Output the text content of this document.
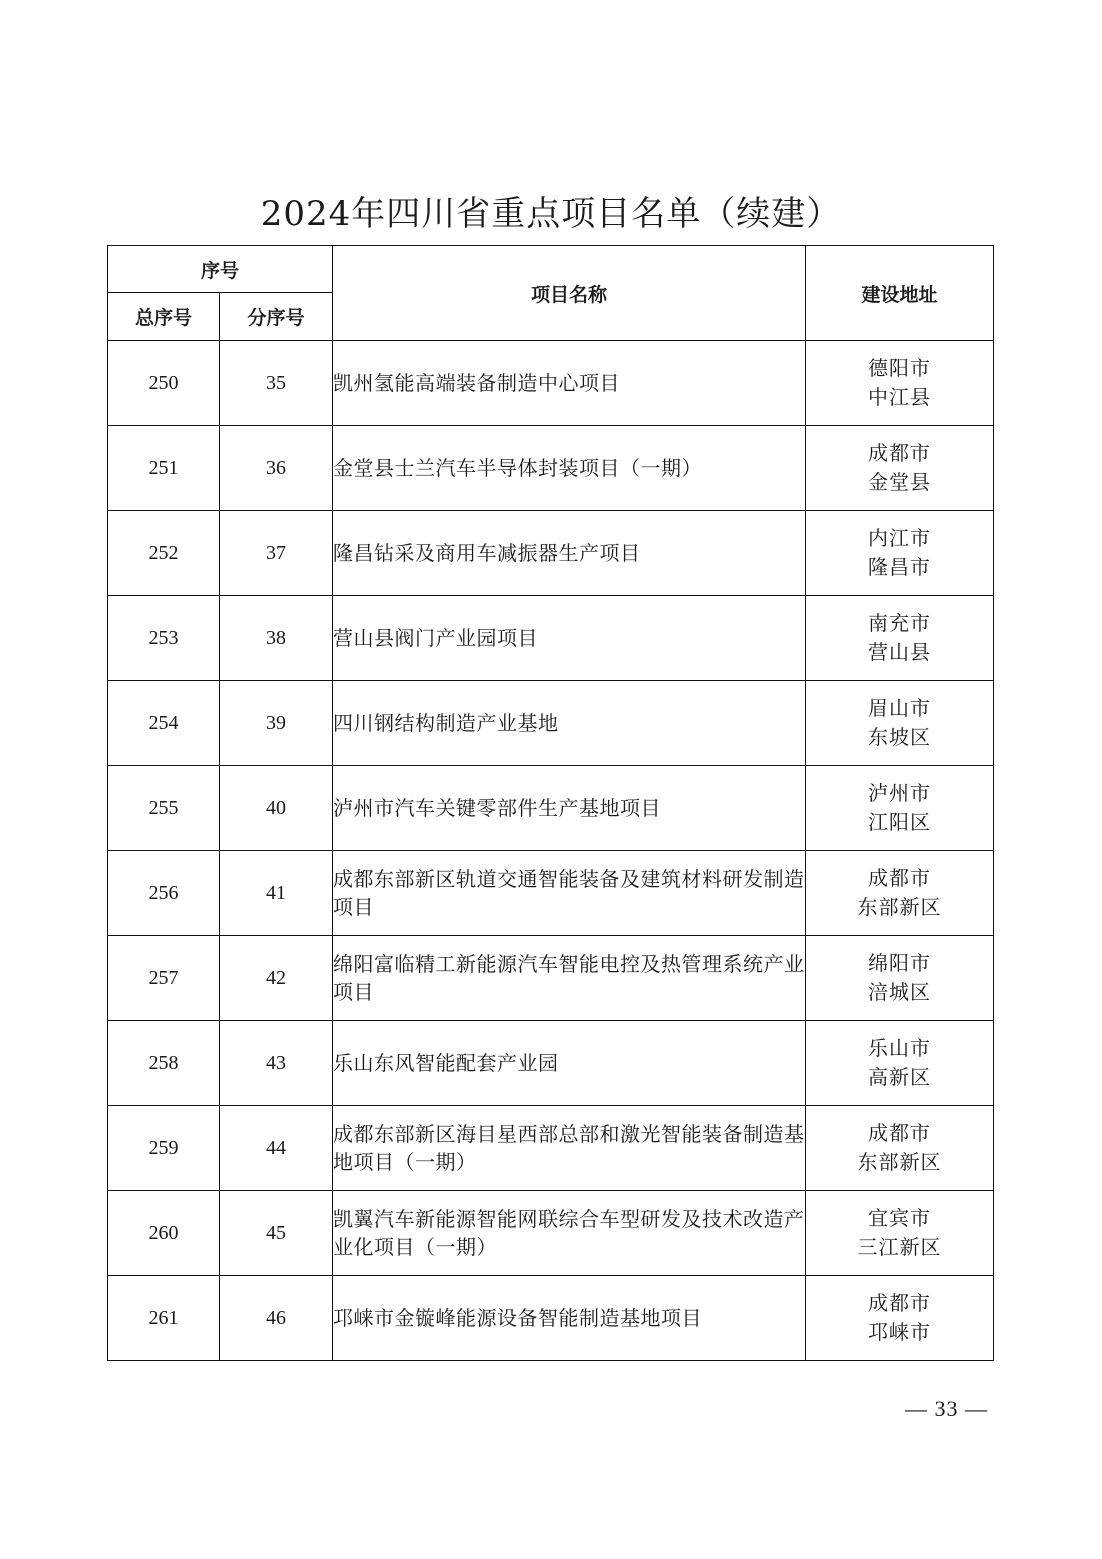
2024年四川省重点项目名单（续建）
序号		项目名称	建设地址
总序号	分序号		
250	35	凯州氢能高端装备制造中心项目	德阳市
中江县

251	36	金堂县士兰汽车半导体封装项目（一期）	成都市
金堂县

252	37	隆昌钻采及商用车减振器生产项目	内江市
隆昌市

253	38	营山县阀门产业园项目	南充市
营山县

254	39	四川钢结构制造产业基地	眉山市
东坡区

255	40	泸州市汽车关键零部件生产基地项目	泸州市
江阳区

256	41	成都东部新区轨道交通智能装备及建筑材料研发制造项目	成都市
东部新区

257	42	绵阳富临精工新能源汽车智能电控及热管理系统产业项目	绵阳市
涪城区

258	43	乐山东风智能配套产业园	乐山市
高新区

259	44	成都东部新区海目星西部总部和激光智能装备制造基地项目（一期）	成都市
东部新区

260	45	凯翼汽车新能源智能网联综合车型研发及技术改造产业化项目（一期）	宜宾市
三江新区

261	46	邛崃市金镟峰能源设备智能制造基地项目	成都市
邛崃市
— 33 —
